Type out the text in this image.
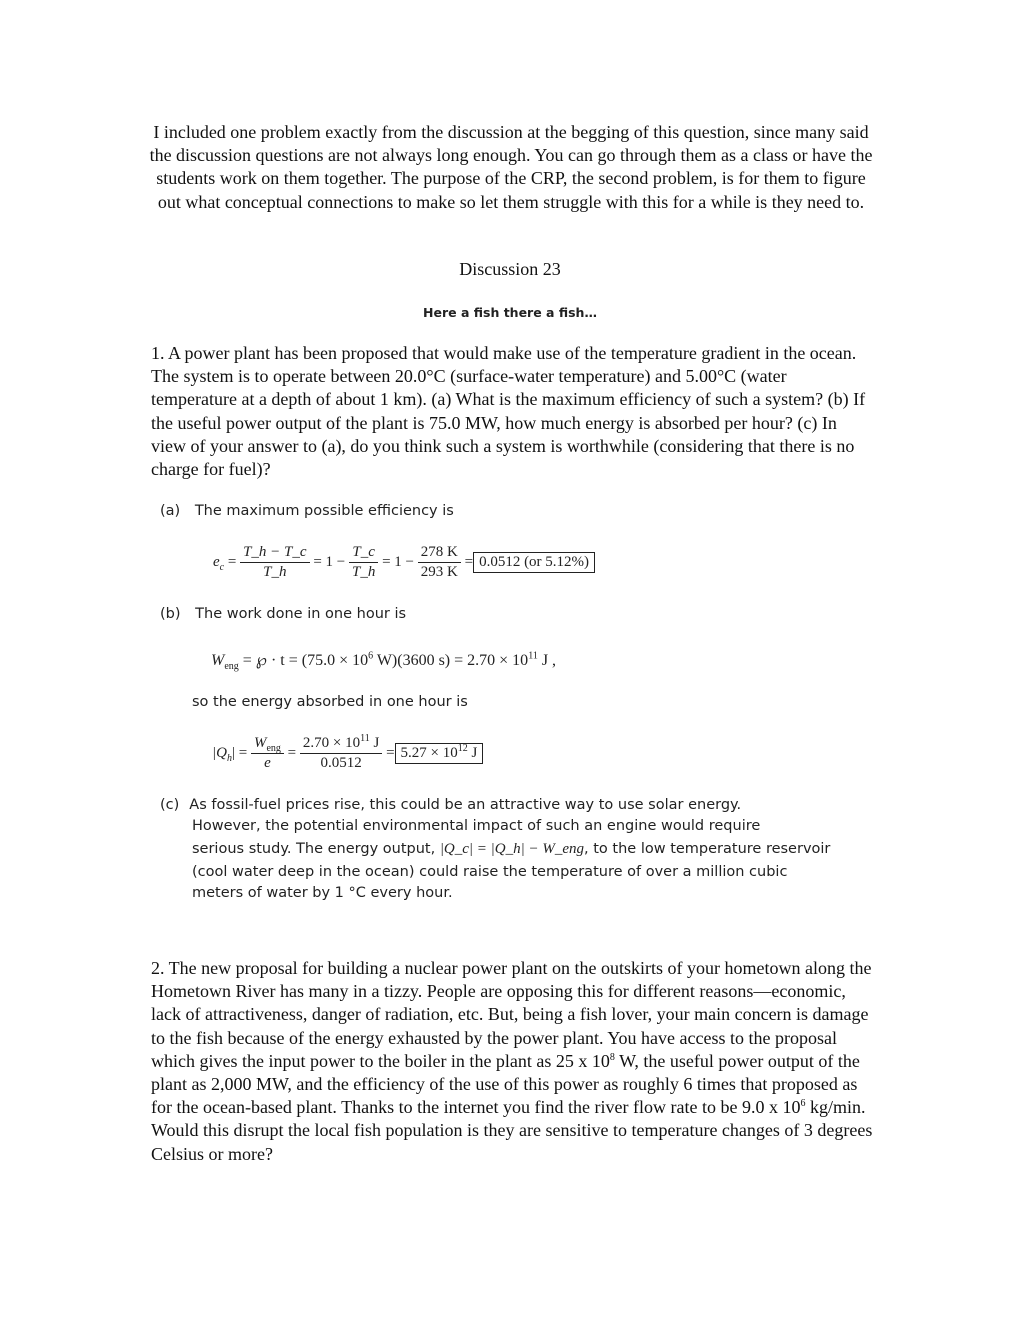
I included one problem exactly from the discussion at the begging of this question, since many said the discussion questions are not always long enough. You can go through them as a class or have the students work on them together. The purpose of the CRP, the second problem, is for them to figure out what conceptual connections to make so let them struggle with this for a while is they need to.

Discussion 23
Here a fish there a fish…

1. A power plant has been proposed that would make use of the temperature gradient in the ocean. The system is to operate between 20.0°C (surface-water temperature) and 5.00°C (water temperature at a depth of about 1 km). (a) What is the maximum efficiency of such a system? (b) If the useful power output of the plant is 75.0 MW, how much energy is absorbed per hour? (c) In view of your answer to (a), do you think such a system is worthwhile (considering that there is no charge for fuel)?

(a) The maximum possible efficiency is
$e_c = \frac{T\_h - T\_c}{T\_h} = 1 - \frac{T\_c}{T\_h} = 1 - \frac{278 K}{293 K} = 0.0512$ (or 5.12%)
(b) The work done in one hour is
$W_{eng}$ = ℘ · $t = (75.0 \times 10^6$ W)(3600 $s) = 2.70 \times 10^{11}$ J ,
so the energy absorbed in one hour is
$|Q_h| = \frac{W_{eng}}{e} = \frac{2.70 \times 10^{11} J}{0.0512} = 5.27 \times 10^{12}$ J
(c) As fossil-fuel prices rise, this could be an attractive way to use solar energy.
However, the potential environmental impact of such an engine would require
serious study. The energy output, |Q_c| = |Q_h| − W_eng, to the low temperature reservoir
(cool water deep in the ocean) could raise the temperature of over a million cubic
meters of water by 1 °C every hour.

2. The new proposal for building a nuclear power plant on the outskirts of your hometown along the Hometown River has many in a tizzy. People are opposing this for different reasons—economic, lack of attractiveness, danger of radiation, etc. But, being a fish lover, your main concern is damage to the fish because of the energy exhausted by the power plant. You have access to the proposal which gives the input power to the boiler in the plant as 25 x $10^8$ W, the useful power output of the plant as 2,000 MW, and the efficiency of the use of this power as roughly 6 times that proposed as for the ocean-based plant. Thanks to the internet you find the river flow rate to be 9.0 x $10^6$ kg/min. Would this disrupt the local fish population is they are sensitive to temperature changes of 3 degrees Celsius or more?
